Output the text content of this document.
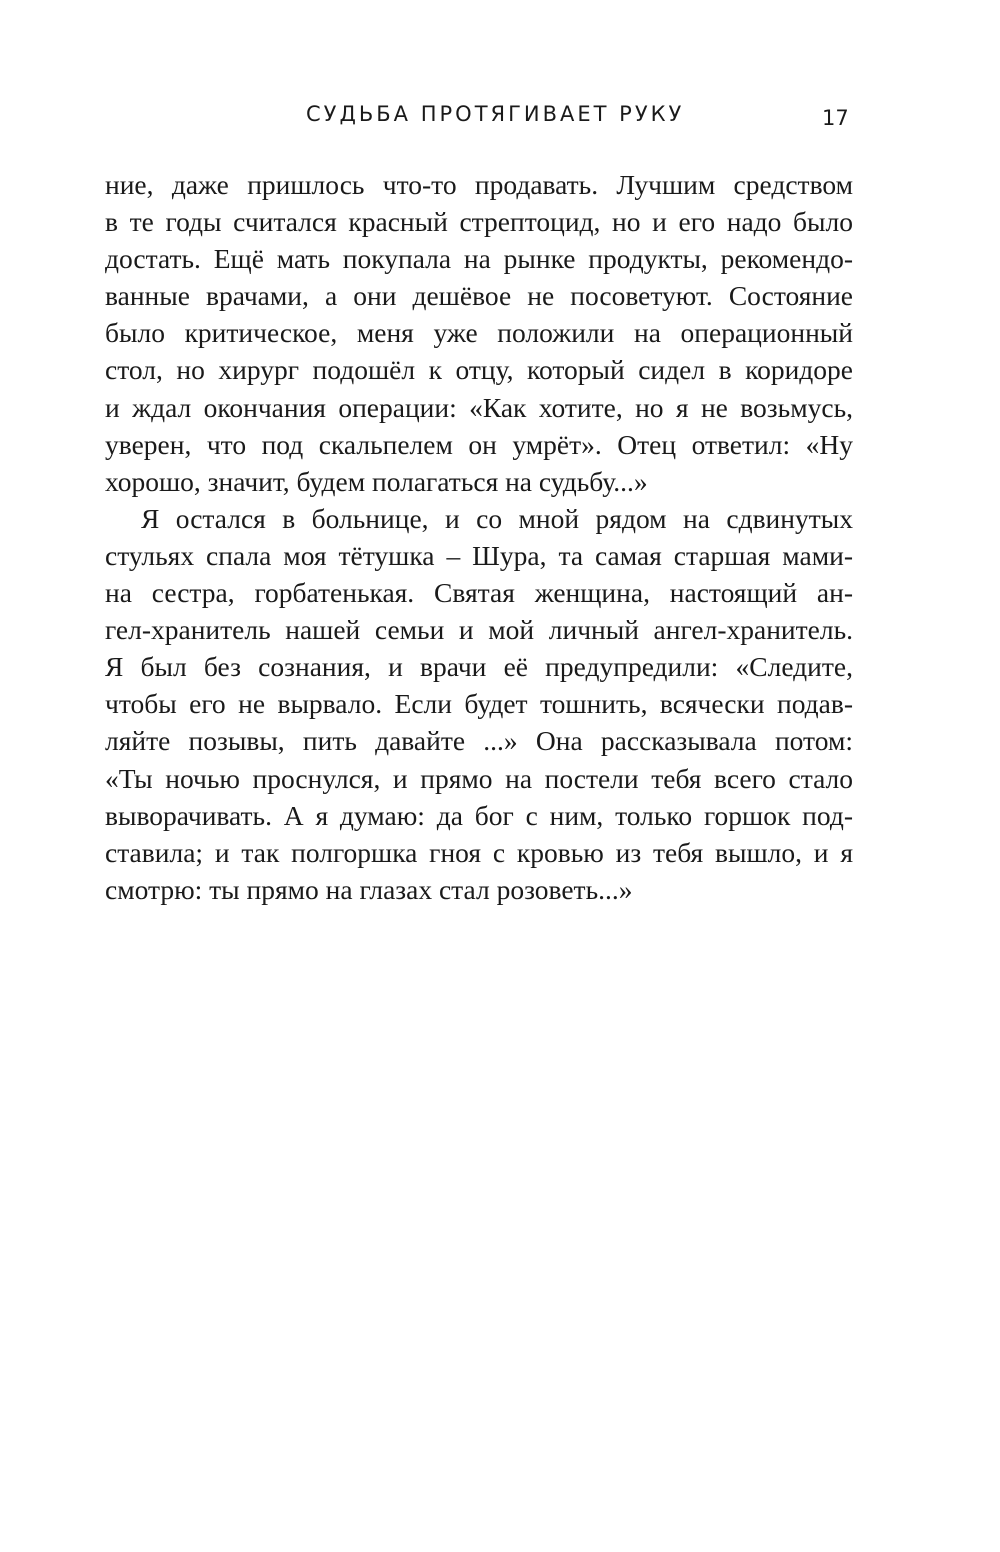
СУДЬБА ПРОТЯГИВАЕТ РУКУ	17
ние, даже пришлось что-то продавать. Лучшим средством
в те годы считался красный стрептоцид, но и его надо было
достать. Ещё мать покупала на рынке продукты, рекомендо-
ванные врачами, а они дешёвое не посоветуют. Состояние
было критическое, меня уже положили на операционный
стол, но хирург подошёл к отцу, который сидел в коридоре
и ждал окончания операции: «Как хотите, но я не возьмусь,
уверен, что под скальпелем он умрёт». Отец ответил: «Ну
хорошо, значит, будем полагаться на судьбу...»
Я остался в больнице, и со мной рядом на сдвинутых
стульях спала моя тётушка – Шура, та самая старшая мами-
на сестра, горбатенькая. Святая женщина, настоящий ан-
гел-хранитель нашей семьи и мой личный ангел-хранитель.
Я был без сознания, и врачи её предупредили: «Следите,
чтобы его не вырвало. Если будет тошнить, всячески подав-
ляйте позывы, пить давайте ...» Она рассказывала потом:
«Ты ночью проснулся, и прямо на постели тебя всего стало
выворачивать. А я думаю: да бог с ним, только горшок под-
ставила; и так полгоршка гноя с кровью из тебя вышло, и я
смотрю: ты прямо на глазах стал розоветь...»
